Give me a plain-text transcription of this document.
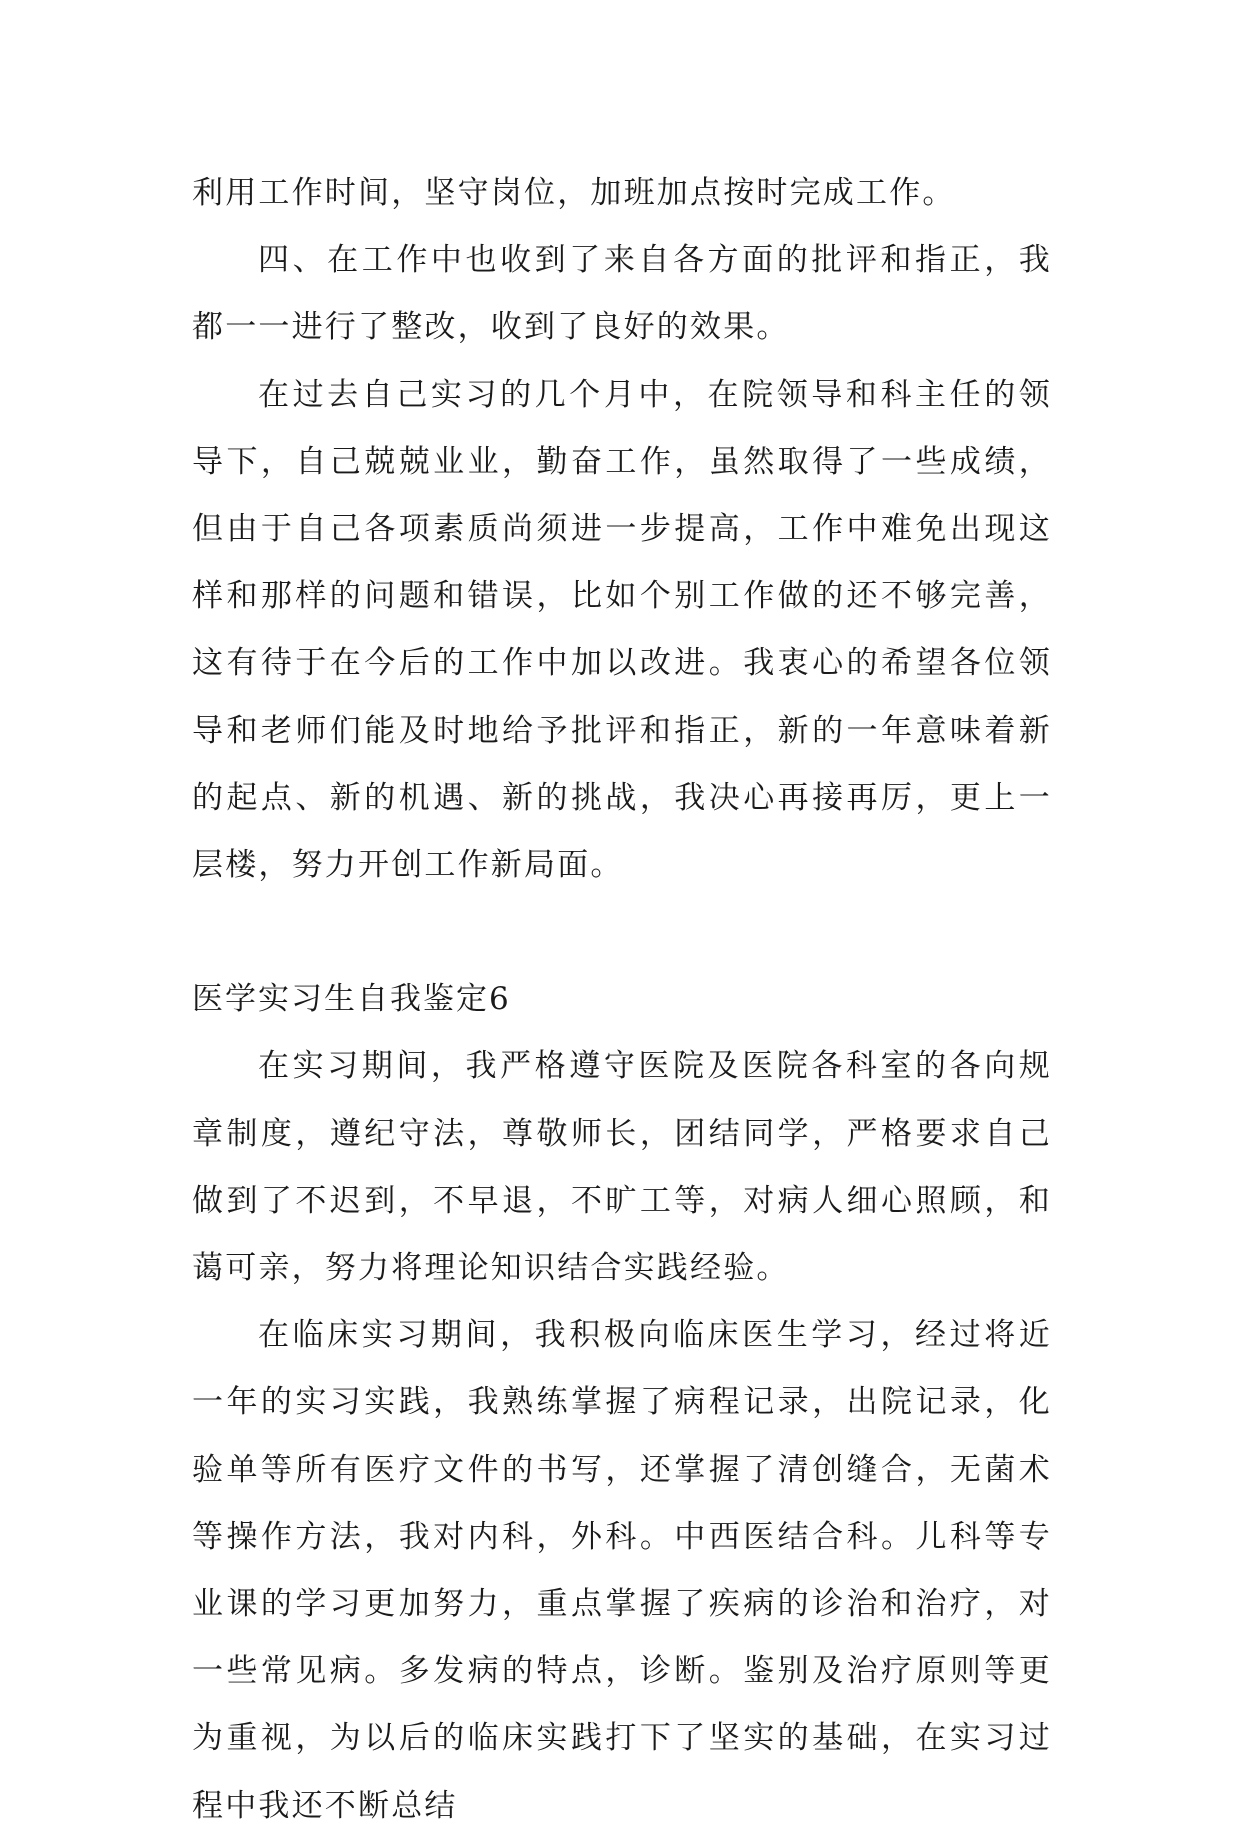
利用工作时间，坚守岗位，加班加点按时完成工作。

四、在工作中也收到了来自各方面的批评和指正，我都一一进行了整改，收到了良好的效果。

在过去自己实习的几个月中，在院领导和科主任的领导下，自己兢兢业业，勤奋工作，虽然取得了一些成绩，但由于自己各项素质尚须进一步提高，工作中难免出现这样和那样的问题和错误，比如个别工作做的还不够完善，这有待于在今后的工作中加以改进。我衷心的希望各位领导和老师们能及时地给予批评和指正，新的一年意味着新的起点、新的机遇、新的挑战，我决心再接再厉，更上一层楼，努力开创工作新局面。

医学实习生自我鉴定6

在实习期间，我严格遵守医院及医院各科室的各向规章制度，遵纪守法，尊敬师长，团结同学，严格要求自己做到了不迟到，不早退，不旷工等，对病人细心照顾，和蔼可亲，努力将理论知识结合实践经验。

在临床实习期间，我积极向临床医生学习，经过将近一年的实习实践，我熟练掌握了病程记录，出院记录，化验单等所有医疗文件的书写，还掌握了清创缝合，无菌术等操作方法，我对内科，外科。中西医结合科。儿科等专业课的学习更加努力，重点掌握了疾病的诊治和治疗，对一些常见病。多发病的特点，诊断。鉴别及治疗原则等更为重视，为以后的临床实践打下了坚实的基础，在实习过程中我还不断总结
